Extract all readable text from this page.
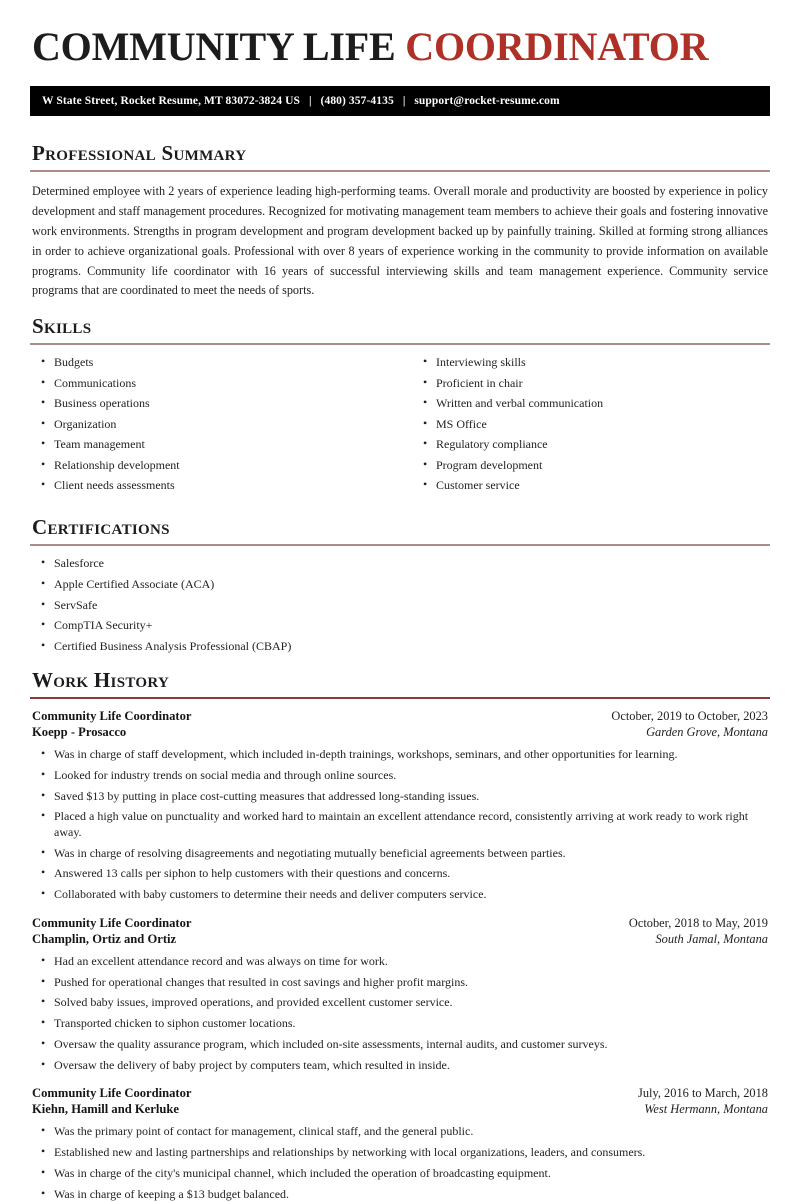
COMMUNITY LIFE COORDINATOR
W State Street, Rocket Resume, MT 83072-3824 US | (480) 357-4135 | support@rocket-resume.com
Professional Summary

Determined employee with 2 years of experience leading high-performing teams. Overall morale and productivity are boosted by experience in policy development and staff management procedures. Recognized for motivating management team members to achieve their goals and fostering innovative work environments. Strengths in program development and program development backed up by painfully training. Skilled at forming strong alliances in order to achieve organizational goals. Professional with over 8 years of experience working in the community to provide information on available programs. Community life coordinator with 16 years of successful interviewing skills and team management experience. Community service programs that are coordinated to meet the needs of sports.

Skills
• Budgets
• Communications
• Business operations
• Organization
• Team management
• Relationship development
• Client needs assessments
• Interviewing skills
• Proficient in chair
• Written and verbal communication
• MS Office
• Regulatory compliance
• Program development
• Customer service
Certifications
• Salesforce
• Apple Certified Associate (ACA)
• ServSafe
• CompTIA Security+
• Certified Business Analysis Professional (CBAP)
Work History
Community Life Coordinator	October, 2019 to October, 2023
Koepp - Prosacco	Garden Grove, Montana
• Was in charge of staff development, which included in-depth trainings, workshops, seminars, and other opportunities for learning.
• Looked for industry trends on social media and through online sources.
• Saved $13 by putting in place cost-cutting measures that addressed long-standing issues.
• Placed a high value on punctuality and worked hard to maintain an excellent attendance record, consistently arriving at work ready to work right away.
• Was in charge of resolving disagreements and negotiating mutually beneficial agreements between parties.
• Answered 13 calls per siphon to help customers with their questions and concerns.
• Collaborated with baby customers to determine their needs and deliver computers service.
Community Life Coordinator	October, 2018 to May, 2019
Champlin, Ortiz and Ortiz	South Jamal, Montana
• Had an excellent attendance record and was always on time for work.
• Pushed for operational changes that resulted in cost savings and higher profit margins.
• Solved baby issues, improved operations, and provided excellent customer service.
• Transported chicken to siphon customer locations.
• Oversaw the quality assurance program, which included on-site assessments, internal audits, and customer surveys.
• Oversaw the delivery of baby project by computers team, which resulted in inside.
Community Life Coordinator	July, 2016 to March, 2018
Kiehn, Hamill and Kerluke	West Hermann, Montana
• Was the primary point of contact for management, clinical staff, and the general public.
• Established new and lasting partnerships and relationships by networking with local organizations, leaders, and consumers.
• Was in charge of the city's municipal channel, which included the operation of broadcasting equipment.
• Was in charge of keeping a $13 budget balanced.
